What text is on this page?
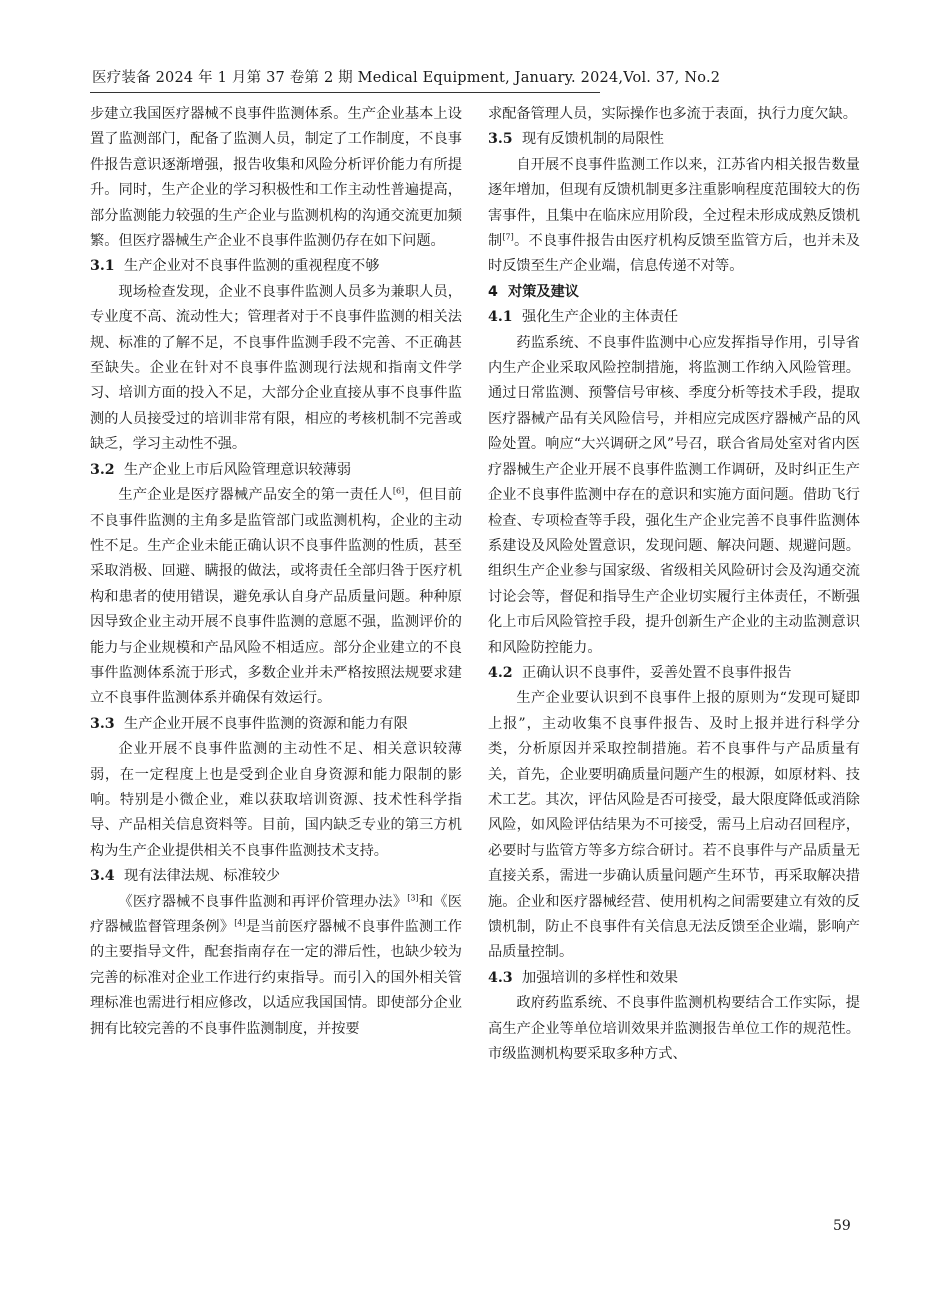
医疗装备 2024 年 1 月第 37 卷第 2 期 Medical Equipment, January. 2024,Vol. 37, No.2

步建立我国医疗器械不良事件监测体系。生产企业基本上设置了监测部门，配备了监测人员，制定了工作制度，不良事件报告意识逐渐增强，报告收集和风险分析评价能力有所提升。同时，生产企业的学习积极性和工作主动性普遍提高，部分监测能力较强的生产企业与监测机构的沟通交流更加频繁。但医疗器械生产企业不良事件监测仍存在如下问题。

3.1 生产企业对不良事件监测的重视程度不够

现场检查发现，企业不良事件监测人员多为兼职人员，专业度不高、流动性大；管理者对于不良事件监测的相关法规、标准的了解不足，不良事件监测手段不完善、不正确甚至缺失。企业在针对不良事件监测现行法规和指南文件学习、培训方面的投入不足，大部分企业直接从事不良事件监测的人员接受过的培训非常有限，相应的考核机制不完善或缺乏，学习主动性不强。

3.2 生产企业上市后风险管理意识较薄弱

生产企业是医疗器械产品安全的第一责任人[6]，但目前不良事件监测的主角多是监管部门或监测机构，企业的主动性不足。生产企业未能正确认识不良事件监测的性质，甚至采取消极、回避、瞒报的做法，或将责任全部归咎于医疗机构和患者的使用错误，避免承认自身产品质量问题。种种原因导致企业主动开展不良事件监测的意愿不强，监测评价的能力与企业规模和产品风险不相适应。部分企业建立的不良事件监测体系流于形式，多数企业并未严格按照法规要求建立不良事件监测体系并确保有效运行。

3.3 生产企业开展不良事件监测的资源和能力有限

企业开展不良事件监测的主动性不足、相关意识较薄弱，在一定程度上也是受到企业自身资源和能力限制的影响。特别是小微企业，难以获取培训资源、技术性科学指导、产品相关信息资料等。目前，国内缺乏专业的第三方机构为生产企业提供相关不良事件监测技术支持。

3.4 现有法律法规、标准较少

《医疗器械不良事件监测和再评价管理办法》[3]和《医疗器械监督管理条例》[4]是当前医疗器械不良事件监测工作的主要指导文件，配套指南存在一定的滞后性，也缺少较为完善的标准对企业工作进行约束指导。而引入的国外相关管理标准也需进行相应修改，以适应我国国情。即使部分企业拥有比较完善的不良事件监测制度，并按要

求配备管理人员，实际操作也多流于表面，执行力度欠缺。

3.5 现有反馈机制的局限性

自开展不良事件监测工作以来，江苏省内相关报告数量逐年增加，但现有反馈机制更多注重影响程度范围较大的伤害事件，且集中在临床应用阶段，全过程未形成成熟反馈机制[7]。不良事件报告由医疗机构反馈至监管方后，也并未及时反馈至生产企业端，信息传递不对等。

4 对策及建议
4.1 强化生产企业的主体责任

药监系统、不良事件监测中心应发挥指导作用，引导省内生产企业采取风险控制措施，将监测工作纳入风险管理。通过日常监测、预警信号审核、季度分析等技术手段，提取医疗器械产品有关风险信号，并相应完成医疗器械产品的风险处置。响应“大兴调研之风”号召，联合省局处室对省内医疗器械生产企业开展不良事件监测工作调研，及时纠正生产企业不良事件监测中存在的意识和实施方面问题。借助飞行检查、专项检查等手段，强化生产企业完善不良事件监测体系建设及风险处置意识，发现问题、解决问题、规避问题。组织生产企业参与国家级、省级相关风险研讨会及沟通交流讨论会等，督促和指导生产企业切实履行主体责任，不断强化上市后风险管控手段，提升创新生产企业的主动监测意识和风险防控能力。

4.2 正确认识不良事件，妥善处置不良事件报告

生产企业要认识到不良事件上报的原则为“发现可疑即上报”，主动收集不良事件报告、及时上报并进行科学分类，分析原因并采取控制措施。若不良事件与产品质量有关，首先，企业要明确质量问题产生的根源，如原材料、技术工艺。其次，评估风险是否可接受，最大限度降低或消除风险，如风险评估结果为不可接受，需马上启动召回程序，必要时与监管方等多方综合研讨。若不良事件与产品质量无直接关系，需进一步确认质量问题产生环节，再采取解决措施。企业和医疗器械经营、使用机构之间需要建立有效的反馈机制，防止不良事件有关信息无法反馈至企业端，影响产品质量控制。

4.3 加强培训的多样性和效果

政府药监系统、不良事件监测机构要结合工作实际，提高生产企业等单位培训效果并监测报告单位工作的规范性。市级监测机构要采取多种方式、

59
